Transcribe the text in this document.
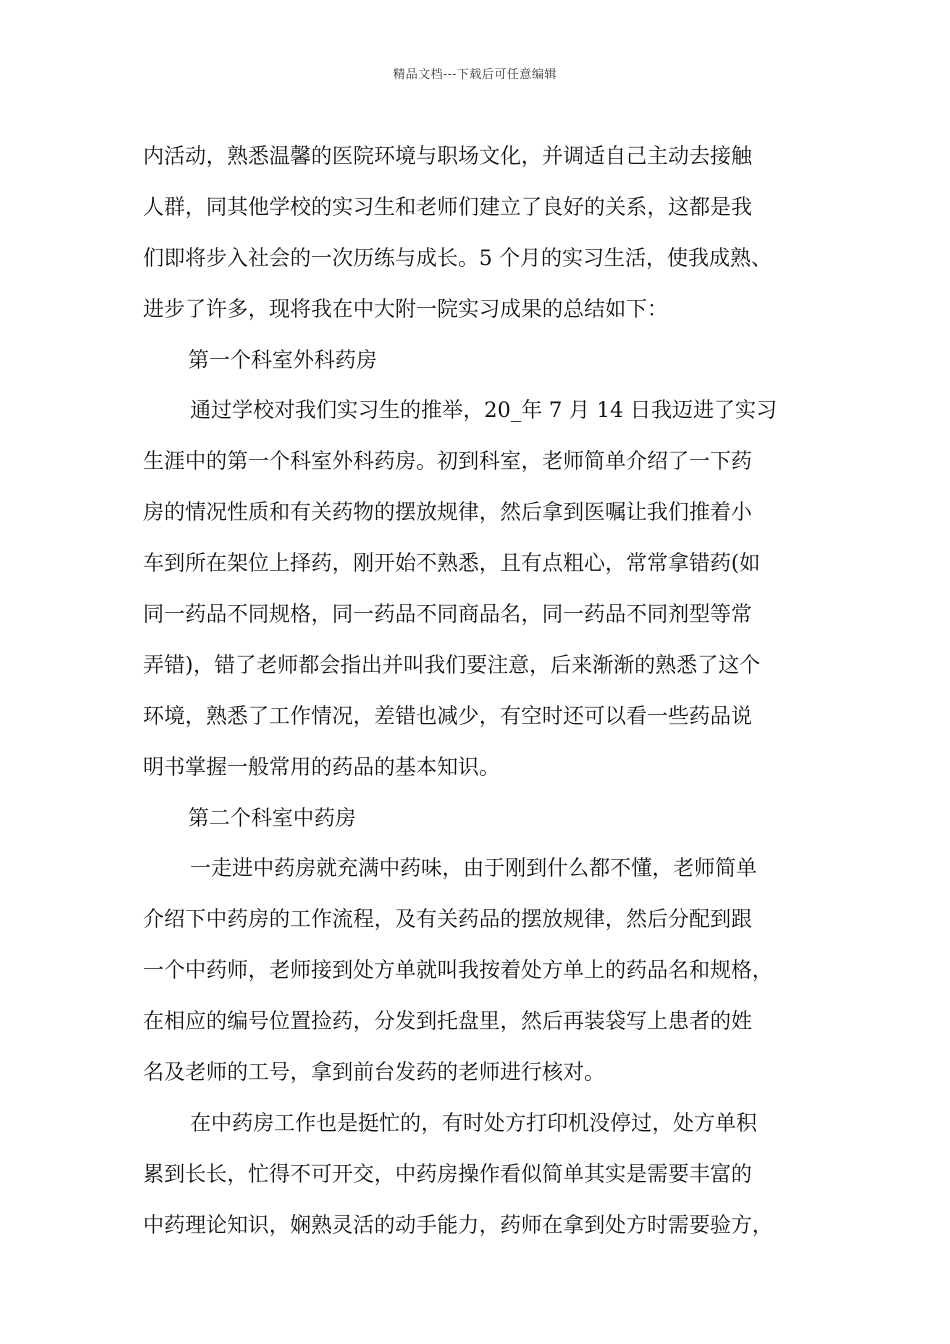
精品文档---下载后可任意编辑
内活动，熟悉温馨的医院环境与职场文化，并调适自己主动去接触
人群，同其他学校的实习生和老师们建立了良好的关系，这都是我
们即将步入社会的一次历练与成长。5 个月的实习生活，使我成熟、
进步了许多，现将我在中大附一院实习成果的总结如下：
第一个科室外科药房
通过学校对我们实习生的推举，20_年 7 月 14 日我迈进了实习
生涯中的第一个科室外科药房。初到科室，老师简单介绍了一下药
房的情况性质和有关药物的摆放规律，然后拿到医嘱让我们推着小
车到所在架位上择药，刚开始不熟悉，且有点粗心，常常拿错药(如
同一药品不同规格，同一药品不同商品名，同一药品不同剂型等常
弄错)，错了老师都会指出并叫我们要注意，后来渐渐的熟悉了这个
环境，熟悉了工作情况，差错也减少，有空时还可以看一些药品说
明书掌握一般常用的药品的基本知识。
第二个科室中药房
一走进中药房就充满中药味，由于刚到什么都不懂，老师简单
介绍下中药房的工作流程，及有关药品的摆放规律，然后分配到跟
一个中药师，老师接到处方单就叫我按着处方单上的药品名和规格，
在相应的编号位置捡药，分发到托盘里，然后再装袋写上患者的姓
名及老师的工号，拿到前台发药的老师进行核对。
在中药房工作也是挺忙的，有时处方打印机没停过，处方单积
累到长长，忙得不可开交，中药房操作看似简单其实是需要丰富的
中药理论知识，娴熟灵活的动手能力，药师在拿到处方时需要验方，
